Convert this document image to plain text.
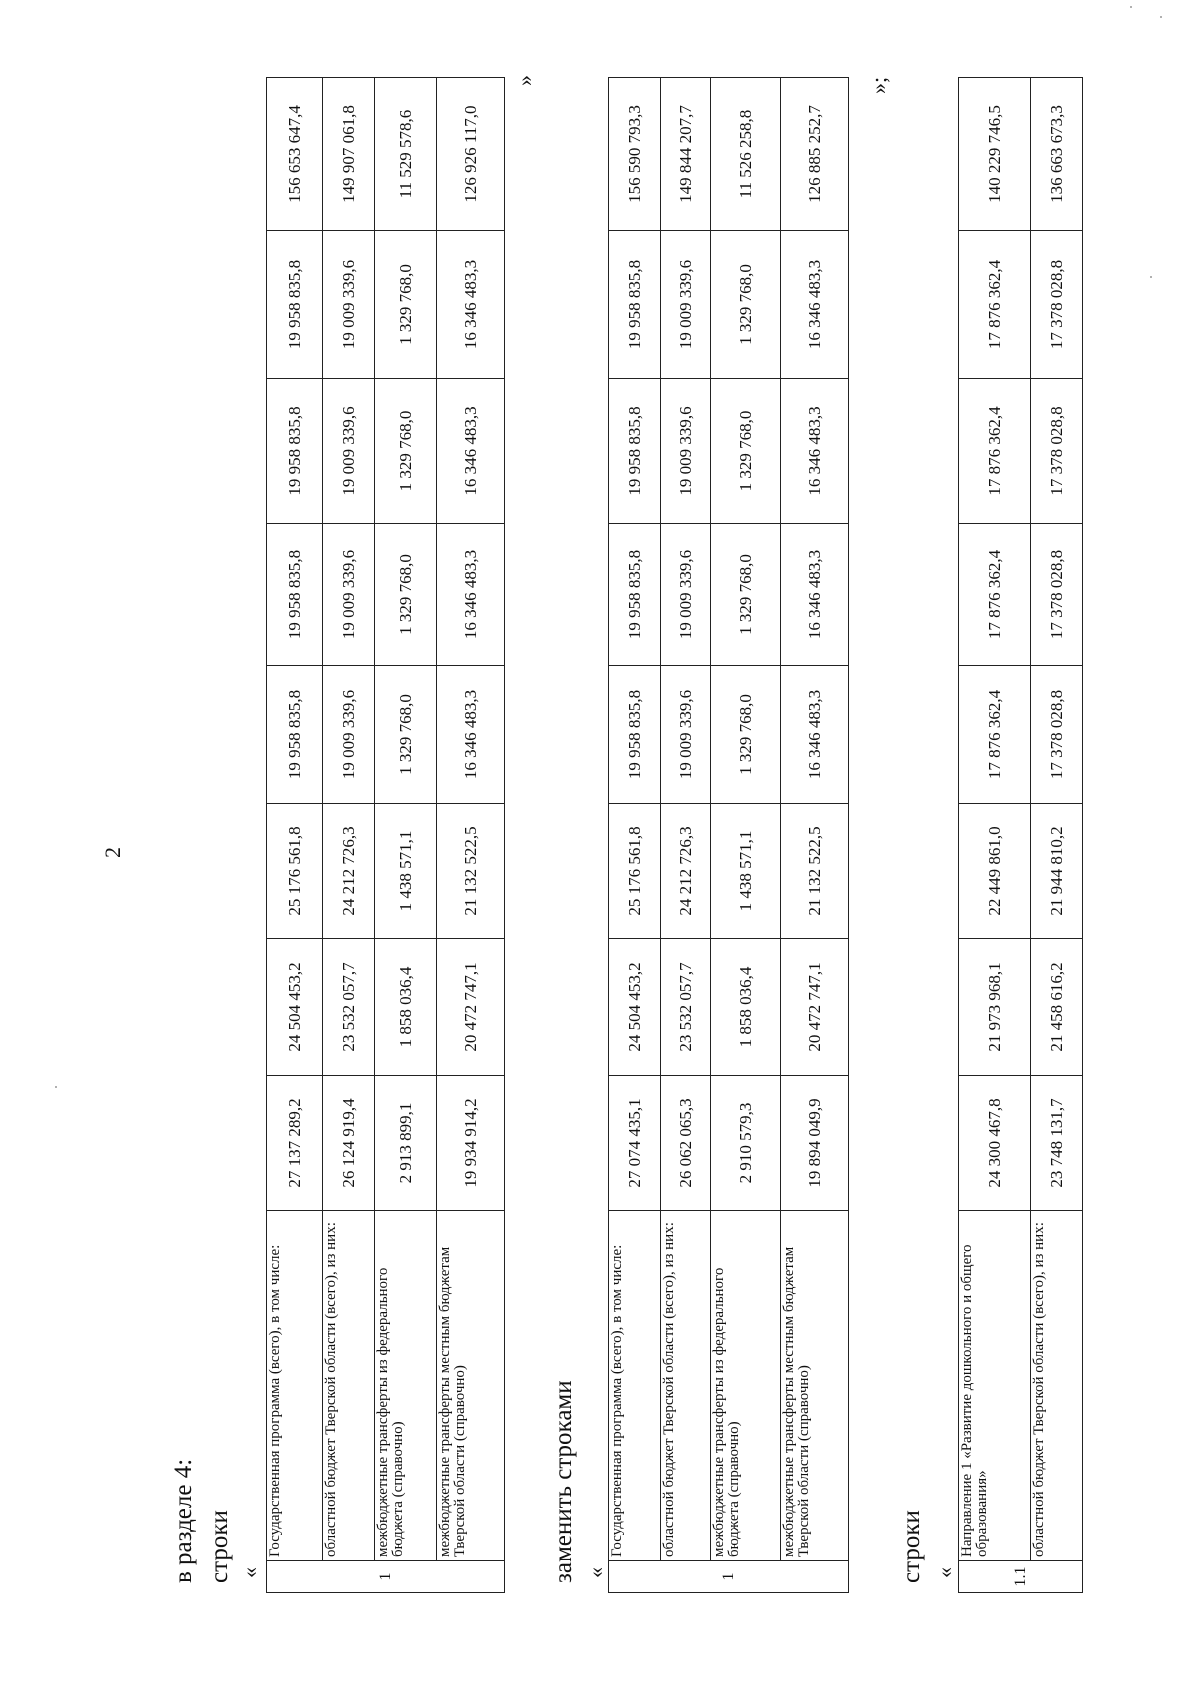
2
в разделе 4: строки «	1	Государственная программа (всего), в том числе:	27 137 289,2	24 504 453,2	25 176 561,8	19 958 835,8	19 958 835,8	19 958 835,8	19 958 835,8	156 653 647,4
	областной бюджет Тверской области (всего), из них:	26 124 919,4	23 532 057,7	24 212 726,3	19 009 339,6	19 009 339,6	19 009 339,6	19 009 339,6	149 907 061,8
	межбюджетные трансферты из федерального бюджета (справочно)	2 913 899,1	1 858 036,4	1 438 571,1	1 329 768,0	1 329 768,0	1 329 768,0	1 329 768,0	11 529 578,6
	межбюджетные трансферты местным бюджетам Тверской области (справочно)	19 934 914,2	20 472 747,1	21 132 522,5	16 346 483,3	16 346 483,3	16 346 483,3	16 346 483,3	126 926 117,0
»
заменить строками «	1	Государственная программа (всего), в том числе:	27 074 435,1	24 504 453,2	25 176 561,8	19 958 835,8	19 958 835,8	19 958 835,8	19 958 835,8	156 590 793,3
	областной бюджет Тверской области (всего), из них:	26 062 065,3	23 532 057,7	24 212 726,3	19 009 339,6	19 009 339,6	19 009 339,6	19 009 339,6	149 844 207,7
	межбюджетные трансферты из федерального бюджета (справочно)	2 910 579,3	1 858 036,4	1 438 571,1	1 329 768,0	1 329 768,0	1 329 768,0	1 329 768,0	11 526 258,8
	межбюджетные трансферты местным бюджетам Тверской области (справочно)	19 894 049,9	20 472 747,1	21 132 522,5	16 346 483,3	16 346 483,3	16 346 483,3	16 346 483,3	126 885 252,7
»;
строки «	1.1	Направление 1 «Развитие дошкольного и общего образования»	24 300 467,8	21 973 968,1	22 449 861,0	17 876 362,4	17 876 362,4	17 876 362,4	17 876 362,4	140 229 746,5
	областной бюджет Тверской области (всего), из них:	23 748 131,7	21 458 616,2	21 944 810,2	17 378 028,8	17 378 028,8	17 378 028,8	17 378 028,8	136 663 673,3
